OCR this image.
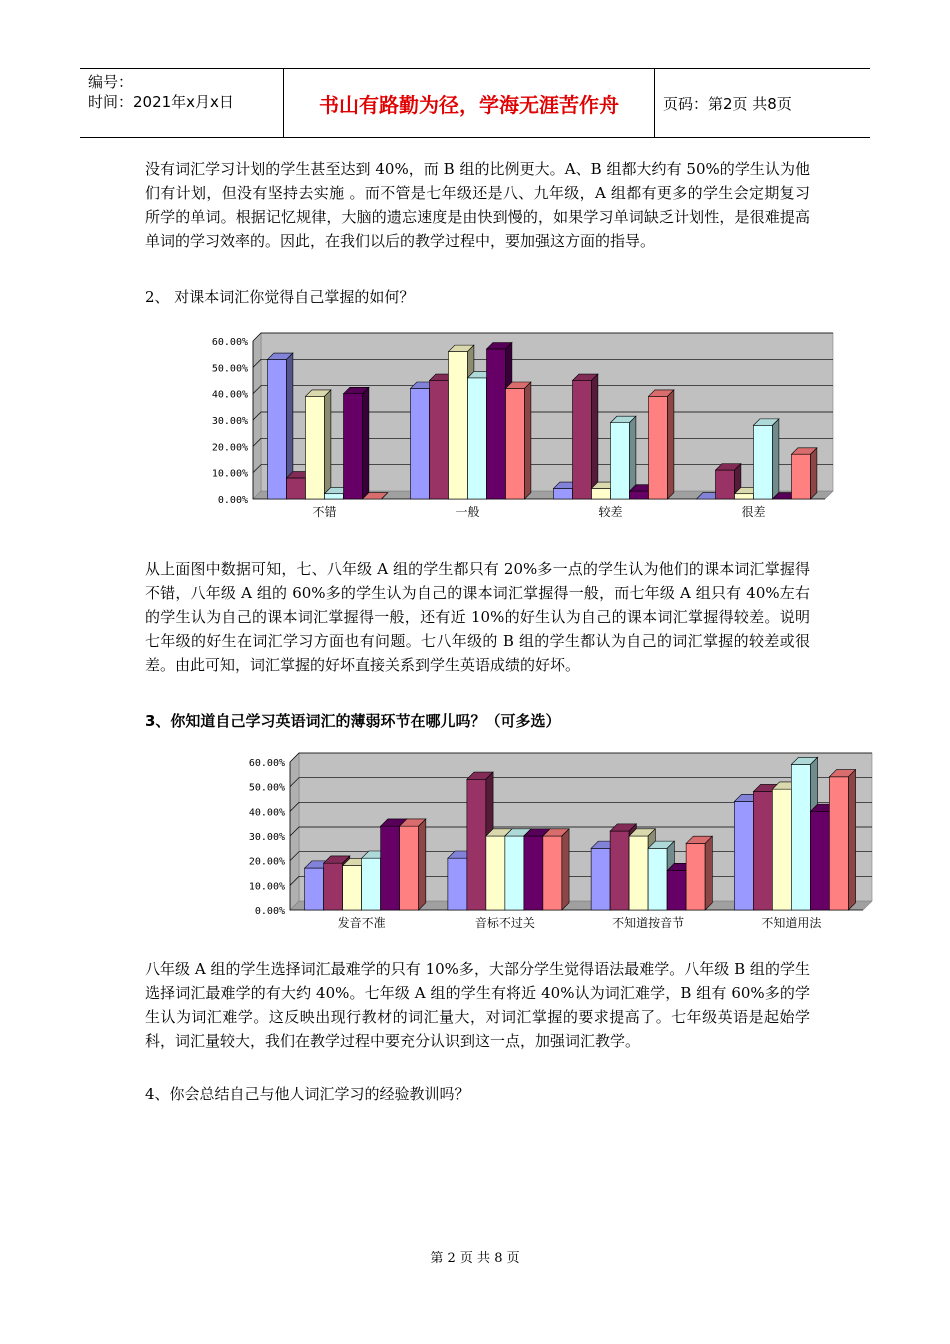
编号：
时间：2021年x月x日	书山有路勤为径，学海无涯苦作舟	页码：第2页 共8页

没有词汇学习计划的学生甚至达到 40%，而 B 组的比例更大。A、B 组都大约有 50%的学生认为他们有计划，但没有坚持去实施 。而不管是七年级还是八、九年级，A 组都有更多的学生会定期复习所学的单词。根据记忆规律，大脑的遗忘速度是由快到慢的，如果学习单词缺乏计划性，是很难提高单词的学习效率的。因此，在我们以后的教学过程中，要加强这方面的指导。

2、 对课本词汇你觉得自己掌握的如何？

0.00%
10.00%
20.00%
30.00%
40.00%
50.00%
60.00%
不错	一般	较差	很差

从上面图中数据可知，七、八年级 A 组的学生都只有 20%多一点的学生认为他们的课本词汇掌握得不错，八年级 A 组的 60%多的学生认为自己的课本词汇掌握得一般，而七年级 A 组只有 40%左右的学生认为自己的课本词汇掌握得一般，还有近 10%的好生认为自己的课本词汇掌握得较差。说明七年级的好生在词汇学习方面也有问题。七八年级的 B 组的学生都认为自己的词汇掌握的较差或很差。由此可知，词汇掌握的好坏直接关系到学生英语成绩的好坏。

3、你知道自己学习英语词汇的薄弱环节在哪儿吗？（可多选）

0.00%
10.00%
20.00%
30.00%
40.00%
50.00%
60.00%
发音不准	音标不过关	不知道按音节	不知道用法

八年级 A 组的学生选择词汇最难学的只有 10%多，大部分学生觉得语法最难学。八年级 B 组的学生选择词汇最难学的有大约 40%。七年级 A 组的学生有将近 40%认为词汇难学，B 组有 60%多的学生认为词汇难学。这反映出现行教材的词汇量大，对词汇掌握的要求提高了。七年级英语是起始学科，词汇量较大，我们在教学过程中要充分认识到这一点，加强词汇教学。

4、你会总结自己与他人词汇学习的经验教训吗？

第 2 页 共 8 页
